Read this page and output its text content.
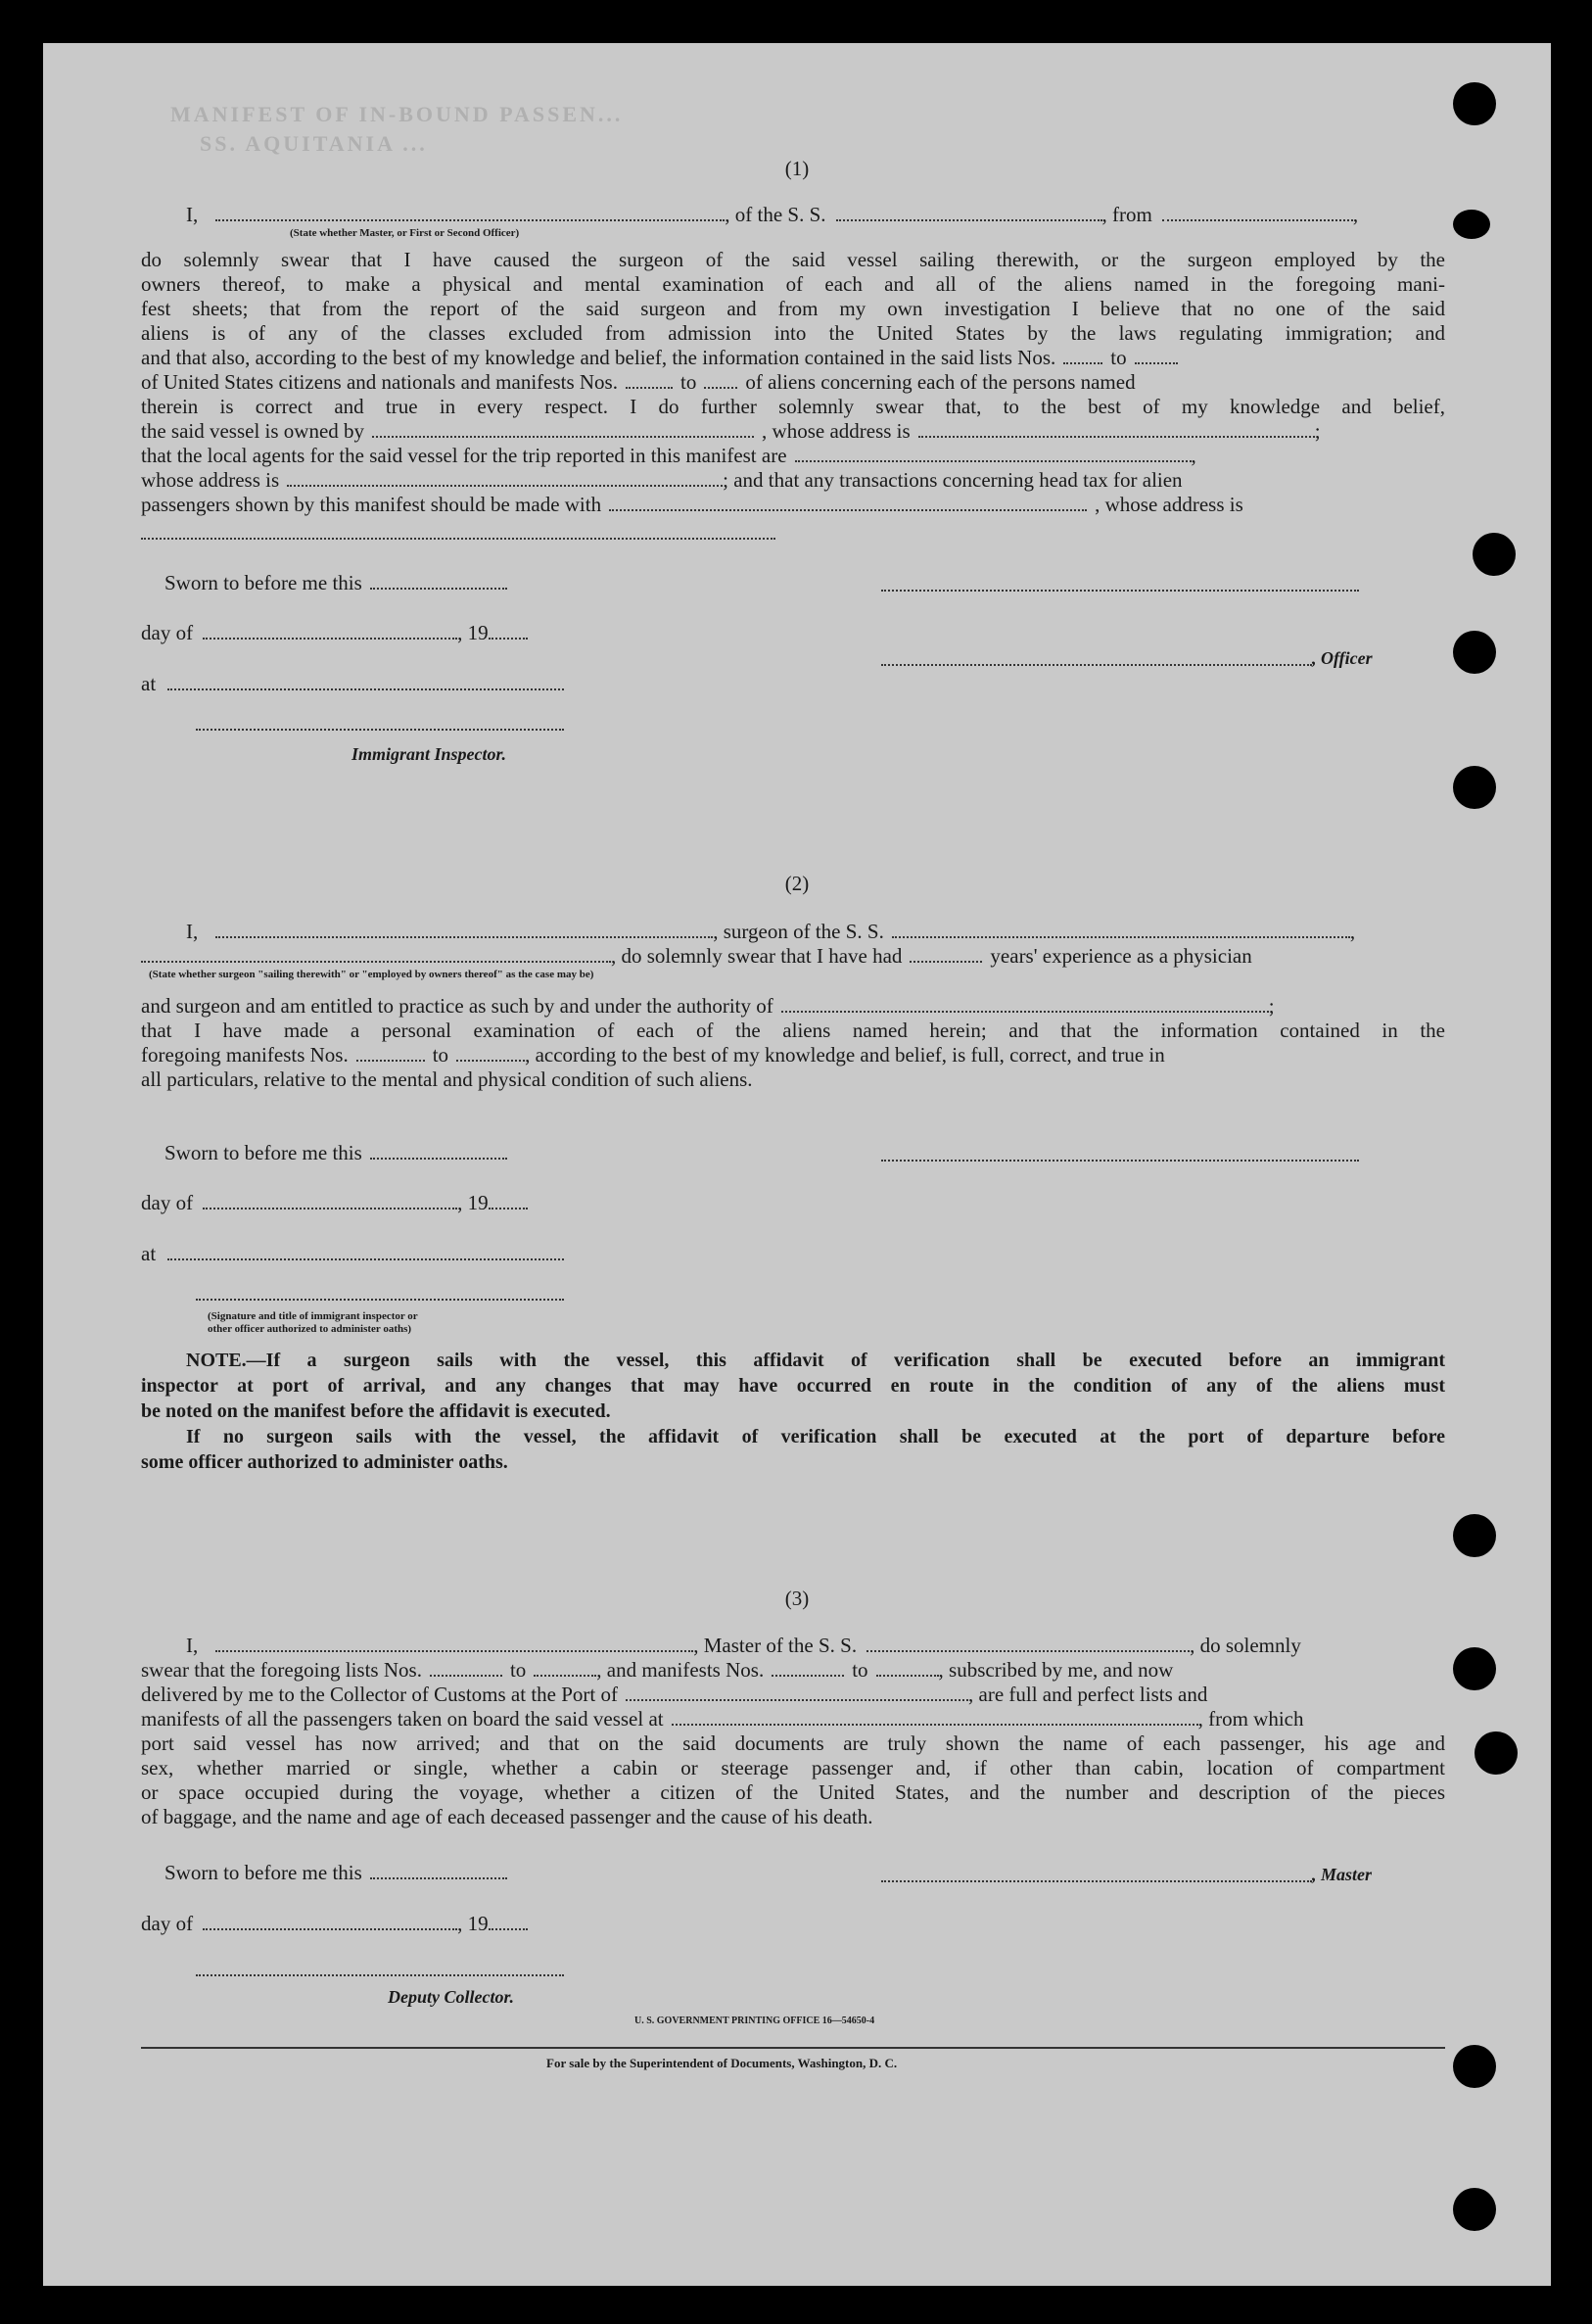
MANIFEST OF IN-BOUND PASSEN...
SS. AQUITANIA ...
(1)
I,	, of the S. S.	, from	,
(State whether Master, or First or Second Officer)
do solemnly swear that I have caused the surgeon of the said vessel sailing therewith, or the surgeon employed by the
owners thereof, to make a physical and mental examination of each and all of the aliens named in the foregoing mani-
fest sheets; that from the report of the said surgeon and from my own investigation I believe that no one of the said
aliens is of any of the classes excluded from admission into the United States by the laws regulating immigration; and
and that also, according to the best of my knowledge and belief, the information contained in the said lists Nos.	to
of United States citizens and nationals and manifests Nos.	to of aliens concerning each of the persons named
therein is correct and true in every respect. I do further solemnly swear that, to the best of my knowledge and belief,
the said vessel is owned by	, whose address is	;
that the local agents for the said vessel for the trip reported in this manifest are	,
whose address is	; and that any transactions concerning head tax for alien
passengers shown by this manifest should be made with	, whose address is
Sworn to before me this
day of	, 19
, Officer
at
Immigrant Inspector.
(2)
I,	, surgeon of the S. S.	,
, do solemnly swear that I have had	years' experience as a physician
(State whether surgeon "sailing therewith" or "employed by owners thereof" as the case may be)
and surgeon and am entitled to practice as such by and under the authority of	;
that I have made a personal examination of each of the aliens named herein; and that the information contained in the
foregoing manifests Nos.	to	, according to the best of my knowledge and belief, is full, correct, and true in
all particulars, relative to the mental and physical condition of such aliens.
Sworn to before me this
day of	, 19
at
(Signature and title of immigrant inspector or
other officer authorized to administer oaths)
NOTE.—If a surgeon sails with the vessel, this affidavit of verification shall be executed before an immigrant
inspector at port of arrival, and any changes that may have occurred en route in the condition of any of the aliens must
be noted on the manifest before the affidavit is executed.
If no surgeon sails with the vessel, the affidavit of verification shall be executed at the port of departure before
some officer authorized to administer oaths.
(3)
I,	, Master of the S. S.	, do solemnly
swear that the foregoing lists Nos.	to	, and manifests Nos.	to	, subscribed by me, and now
delivered by me to the Collector of Customs at the Port of	, are full and perfect lists and
manifests of all the passengers taken on board the said vessel at	, from which
port said vessel has now arrived; and that on the said documents are truly shown the name of each passenger, his age and
sex, whether married or single, whether a cabin or steerage passenger and, if other than cabin, location of compartment
or space occupied during the voyage, whether a citizen of the United States, and the number and description of the pieces
of baggage, and the name and age of each deceased passenger and the cause of his death.
Sworn to before me this	, Master
day of	, 19
Deputy Collector.
U. S. GOVERNMENT PRINTING OFFICE 16—54650-4
For sale by the Superintendent of Documents, Washington, D. C.
